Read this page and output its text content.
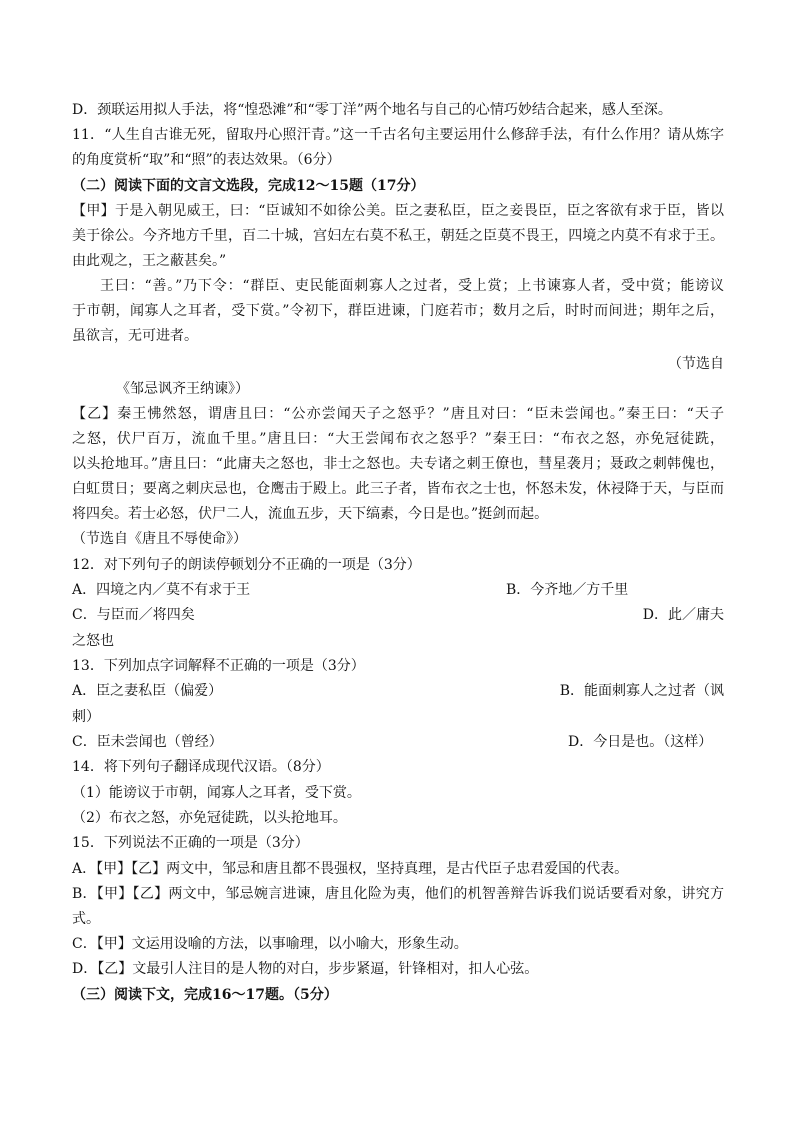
D．颈联运用拟人手法，将“惶恐滩”和“零丁洋”两个地名与自己的心情巧妙结合起来，感人至深。
11．“人生自古谁无死，留取丹心照汗青。”这一千古名句主要运用什么修辞手法，有什么作用？请从炼字
的角度赏析“取”和“照”的表达效果。（6分）
（二）阅读下面的文言文选段，完成12～15题（17分）
【甲】于是入朝见威王，曰：“臣诚知不如徐公美。臣之妻私臣，臣之妾畏臣，臣之客欲有求于臣，皆以
美于徐公。今齐地方千里，百二十城，宫妇左右莫不私王，朝廷之臣莫不畏王，四境之内莫不有求于王。
由此观之，王之蔽甚矣。”
王曰：“善。”乃下令：“群臣、吏民能面刺寡人之过者，受上赏；上书谏寡人者，受中赏；能谤议
于市朝，闻寡人之耳者，受下赏。”令初下，群臣进谏，门庭若市；数月之后，时时而间进；期年之后，
虽欲言，无可进者。
（节选自
《邹忌讽齐王纳谏》）
【乙】秦王怫然怒，谓唐且曰：“公亦尝闻天子之怒乎？”唐且对曰：“臣未尝闻也。”秦王曰：“天子
之怒，伏尸百万，流血千里。”唐且曰：“大王尝闻布衣之怒乎？”秦王曰：“布衣之怒，亦免冠徒跣，
以头抢地耳。”唐且曰：“此庸夫之怒也，非士之怒也。夫专诸之刺王僚也，彗星袭月；聂政之刺韩傀也，
白虹贯日；要离之刺庆忌也，仓鹰击于殿上。此三子者，皆布衣之士也，怀怒未发，休祲降于天，与臣而
将四矣。若士必怒，伏尸二人，流血五步，天下缟素，今日是也。”挺剑而起。
（节选自《唐且不辱使命》）
12．对下列句子的朗读停顿划分不正确的一项是（3分）
A．四境之内／莫不有求于王	B．今齐地／方千里
C．与臣而／将四矣	D．此／庸夫
之怒也
13．下列加点字词解释不正确的一项是（3分）
A．臣之妻私臣（偏爱）	B．能面刺寡人之过者（讽
刺）
C．臣未尝闻也（曾经）	D．今日是也。（这样）
14．将下列句子翻译成现代汉语。（8分）
（1）能谤议于市朝，闻寡人之耳者，受下赏。
（2）布衣之怒，亦免冠徒跣，以头抢地耳。
15．下列说法不正确的一项是（3分）
A．【甲】【乙】两文中，邹忌和唐且都不畏强权，坚持真理，是古代臣子忠君爱国的代表。
B．【甲】【乙】两文中，邹忌婉言进谏，唐且化险为夷，他们的机智善辩告诉我们说话要看对象，讲究方
式。
C．【甲】文运用设喻的方法，以事喻理，以小喻大，形象生动。
D．【乙】文最引人注目的是人物的对白，步步紧逼，针锋相对，扣人心弦。
（三）阅读下文，完成16～17题。（5分）
